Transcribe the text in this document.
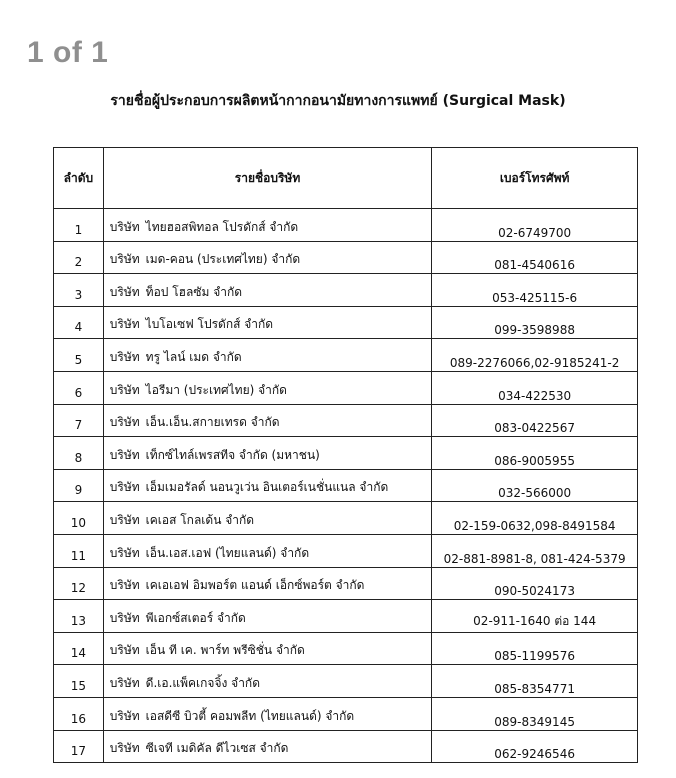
1 of 1
รายชื่อผู้ประกอบการผลิตหน้ากากอนามัยทางการแพทย์ (Surgical Mask)
ลำดับ	รายชื่อบริษัท	เบอร์โทรศัพท์
1	บริษัท ไทยฮอสพิทอล โปรดักส์ จำกัด	02-6749700
2	บริษัท เมด-คอน (ประเทศไทย) จำกัด	081-4540616
3	บริษัท ท็อป โฮลซัม จำกัด	053-425115-6
4	บริษัท ไบโอเซฟ โปรดักส์ จำกัด	099-3598988
5	บริษัท ทรู ไลน์ เมด จำกัด	089-2276066,02-9185241-2
6	บริษัท ไอรีมา (ประเทศไทย) จำกัด	034-422530
7	บริษัท เอ็น.เอ็น.สกายเทรด จำกัด	083-0422567
8	บริษัท เท็กซ์ไทล์เพรสทีจ จำกัด (มหาชน)	086-9005955
9	บริษัท เอ็มเมอรัลด์ นอนวูเว่น อินเตอร์เนชั่นแนล จำกัด	032-566000
10	บริษัท เคเอส โกลเด้น จำกัด	02-159-0632,098-8491584
11	บริษัท เอ็น.เอส.เอฟ (ไทยแลนด์) จำกัด	02-881-8981-8, 081-424-5379
12	บริษัท เคเอเอฟ อิมพอร์ต แอนด์ เอ็กซ์พอร์ต จำกัด	090-5024173
13	บริษัท พีเอกซ์สเตอร์ จำกัด	02-911-1640 ต่อ 144
14	บริษัท เอ็น ที เค. พาร์ท พรีซิชั่น จำกัด	085-1199576
15	บริษัท ดี.เอ.แพ็คเกจจิ้ง จำกัด	085-8354771
16	บริษัท เอสดีซี บิวตี้ คอมพลีท (ไทยแลนด์) จำกัด	089-8349145
17	บริษัท ซีเจที เมดิคัล ดีไวเซส จำกัด	062-9246546
